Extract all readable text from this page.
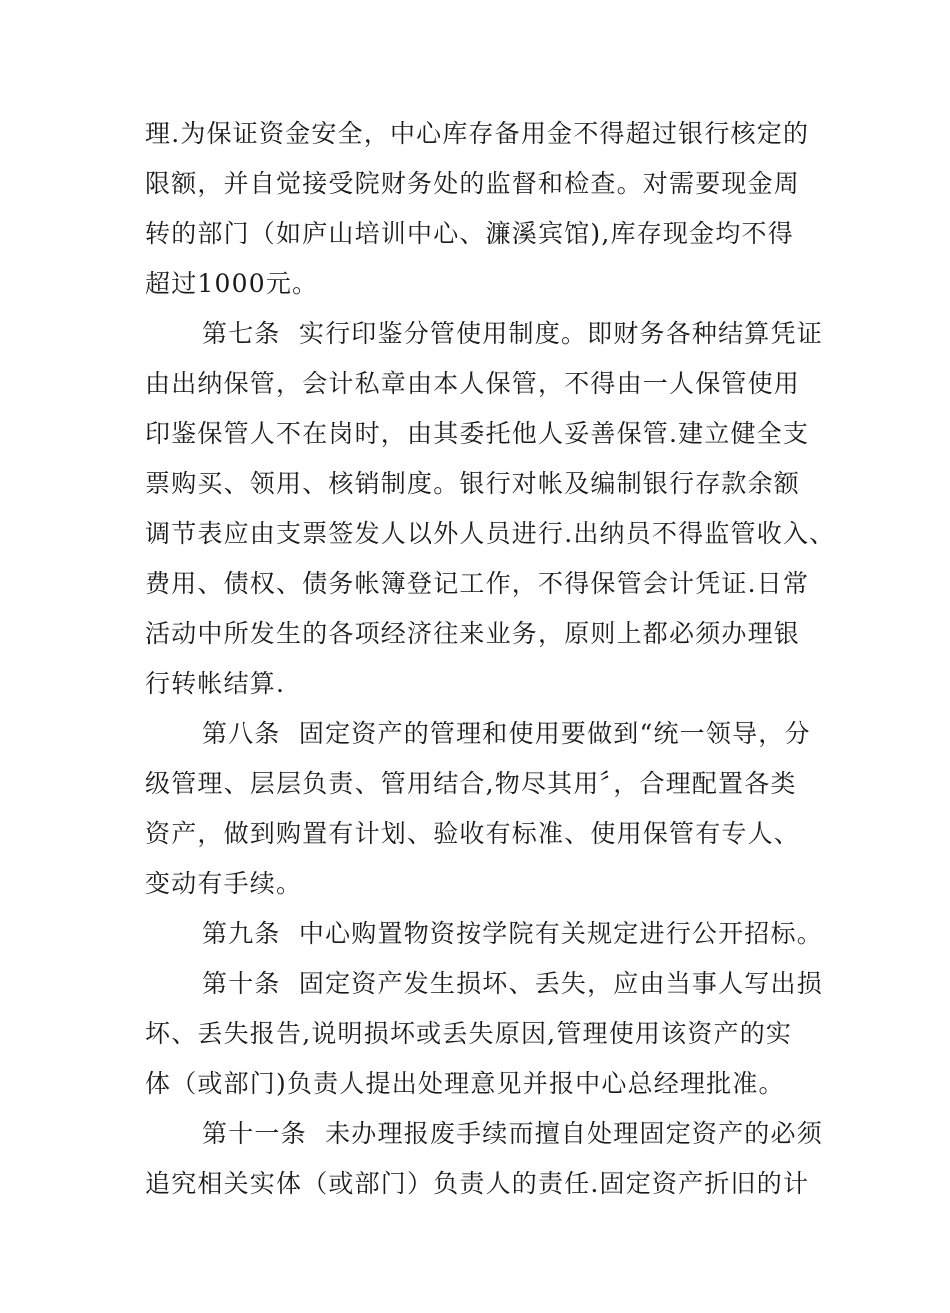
理.为保证资金安全，中心库存备用金不得超过银行核定的
限额，并自觉接受院财务处的监督和检查。对需要现金周
转的部门（如庐山培训中心、濂溪宾馆),库存现金均不得
超过1000元。
第七条  实行印鉴分管使用制度。即财务各种结算凭证
由出纳保管，会计私章由本人保管，不得由一人保管使用
印鉴保管人不在岗时，由其委托他人妥善保管.建立健全支
票购买、领用、核销制度。银行对帐及编制银行存款余额
调节表应由支票签发人以外人员进行.出纳员不得监管收入、
费用、债权、债务帐簿登记工作，不得保管会计凭证.日常
活动中所发生的各项经济往来业务，原则上都必须办理银
行转帐结算.
第八条  固定资产的管理和使用要做到“统一领导，分
级管理、层层负责、管用结合,物尽其用〞，合理配置各类
资产，做到购置有计划、验收有标准、使用保管有专人、
变动有手续。
第九条  中心购置物资按学院有关规定进行公开招标。
第十条  固定资产发生损坏、丢失，应由当事人写出损
坏、丢失报告,说明损坏或丢失原因,管理使用该资产的实
体（或部门)负责人提出处理意见并报中心总经理批准。
第十一条  未办理报废手续而擅自处理固定资产的必须
追究相关实体（或部门）负责人的责任.固定资产折旧的计
